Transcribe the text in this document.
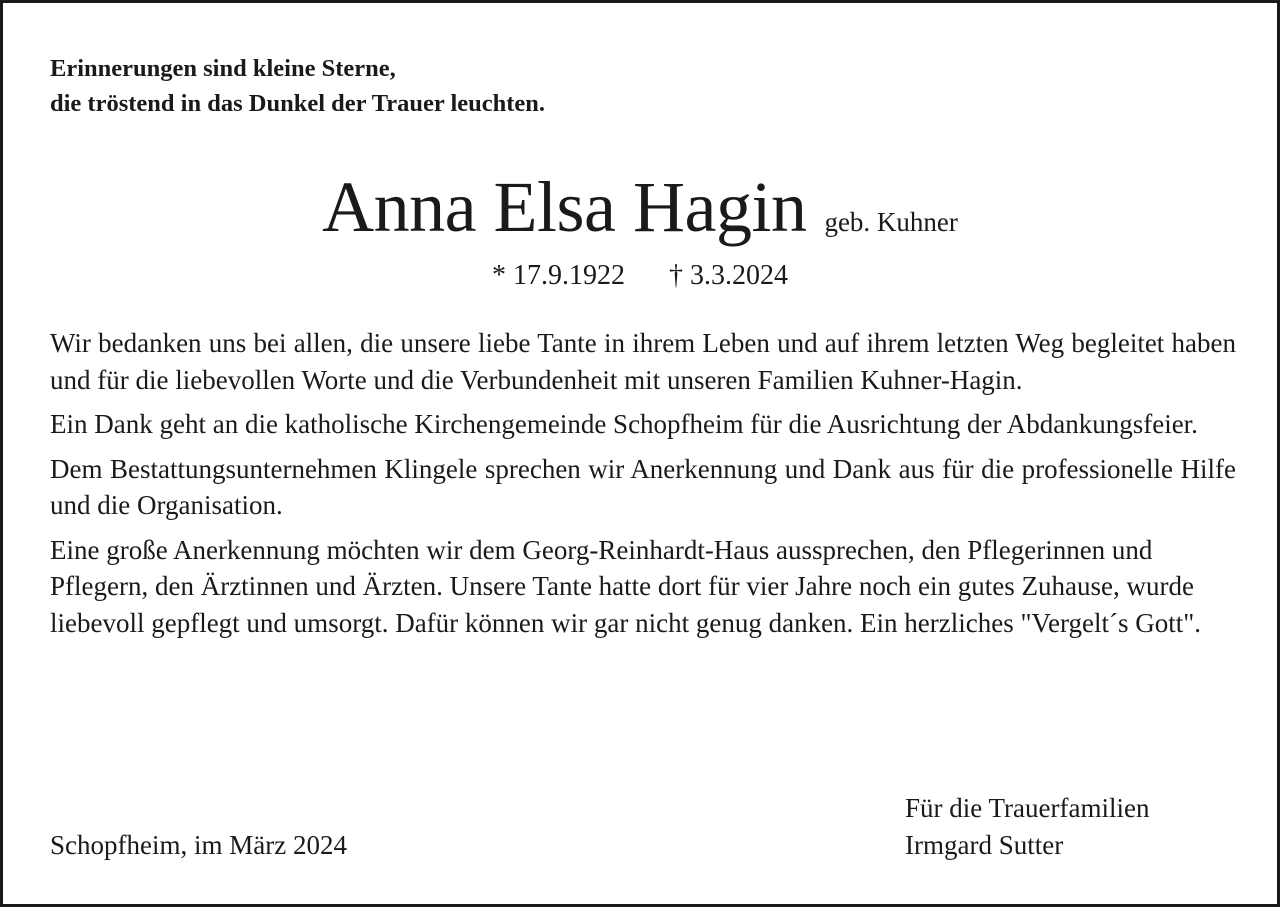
Erinnerungen sind kleine Sterne,
die tröstend in das Dunkel der Trauer leuchten.
Anna Elsa Hagin geb. Kuhner
* 17.9.1922 † 3.3.2024

Wir bedanken uns bei allen, die unsere liebe Tante in ihrem Leben und auf ihrem letzten Weg begleitet haben und für die liebevollen Worte und die Verbundenheit mit unseren Familien Kuhner-Hagin.

Ein Dank geht an die katholische Kirchengemeinde Schopfheim für die Ausrichtung der Abdankungsfeier.

Dem Bestattungsunternehmen Klingele sprechen wir Anerkennung und Dank aus für die professionelle Hilfe und die Organisation.

Eine große Anerkennung möchten wir dem Georg-Reinhardt-Haus aussprechen, den Pflegerinnen und Pflegern, den Ärztinnen und Ärzten. Unsere Tante hatte dort für vier Jahre noch ein gutes Zuhause, wurde liebevoll gepflegt und umsorgt. Dafür können wir gar nicht genug danken. Ein herzliches "Vergelt´s Gott".

Schopfheim, im März 2024
Für die Trauerfamilien
Irmgard Sutter
